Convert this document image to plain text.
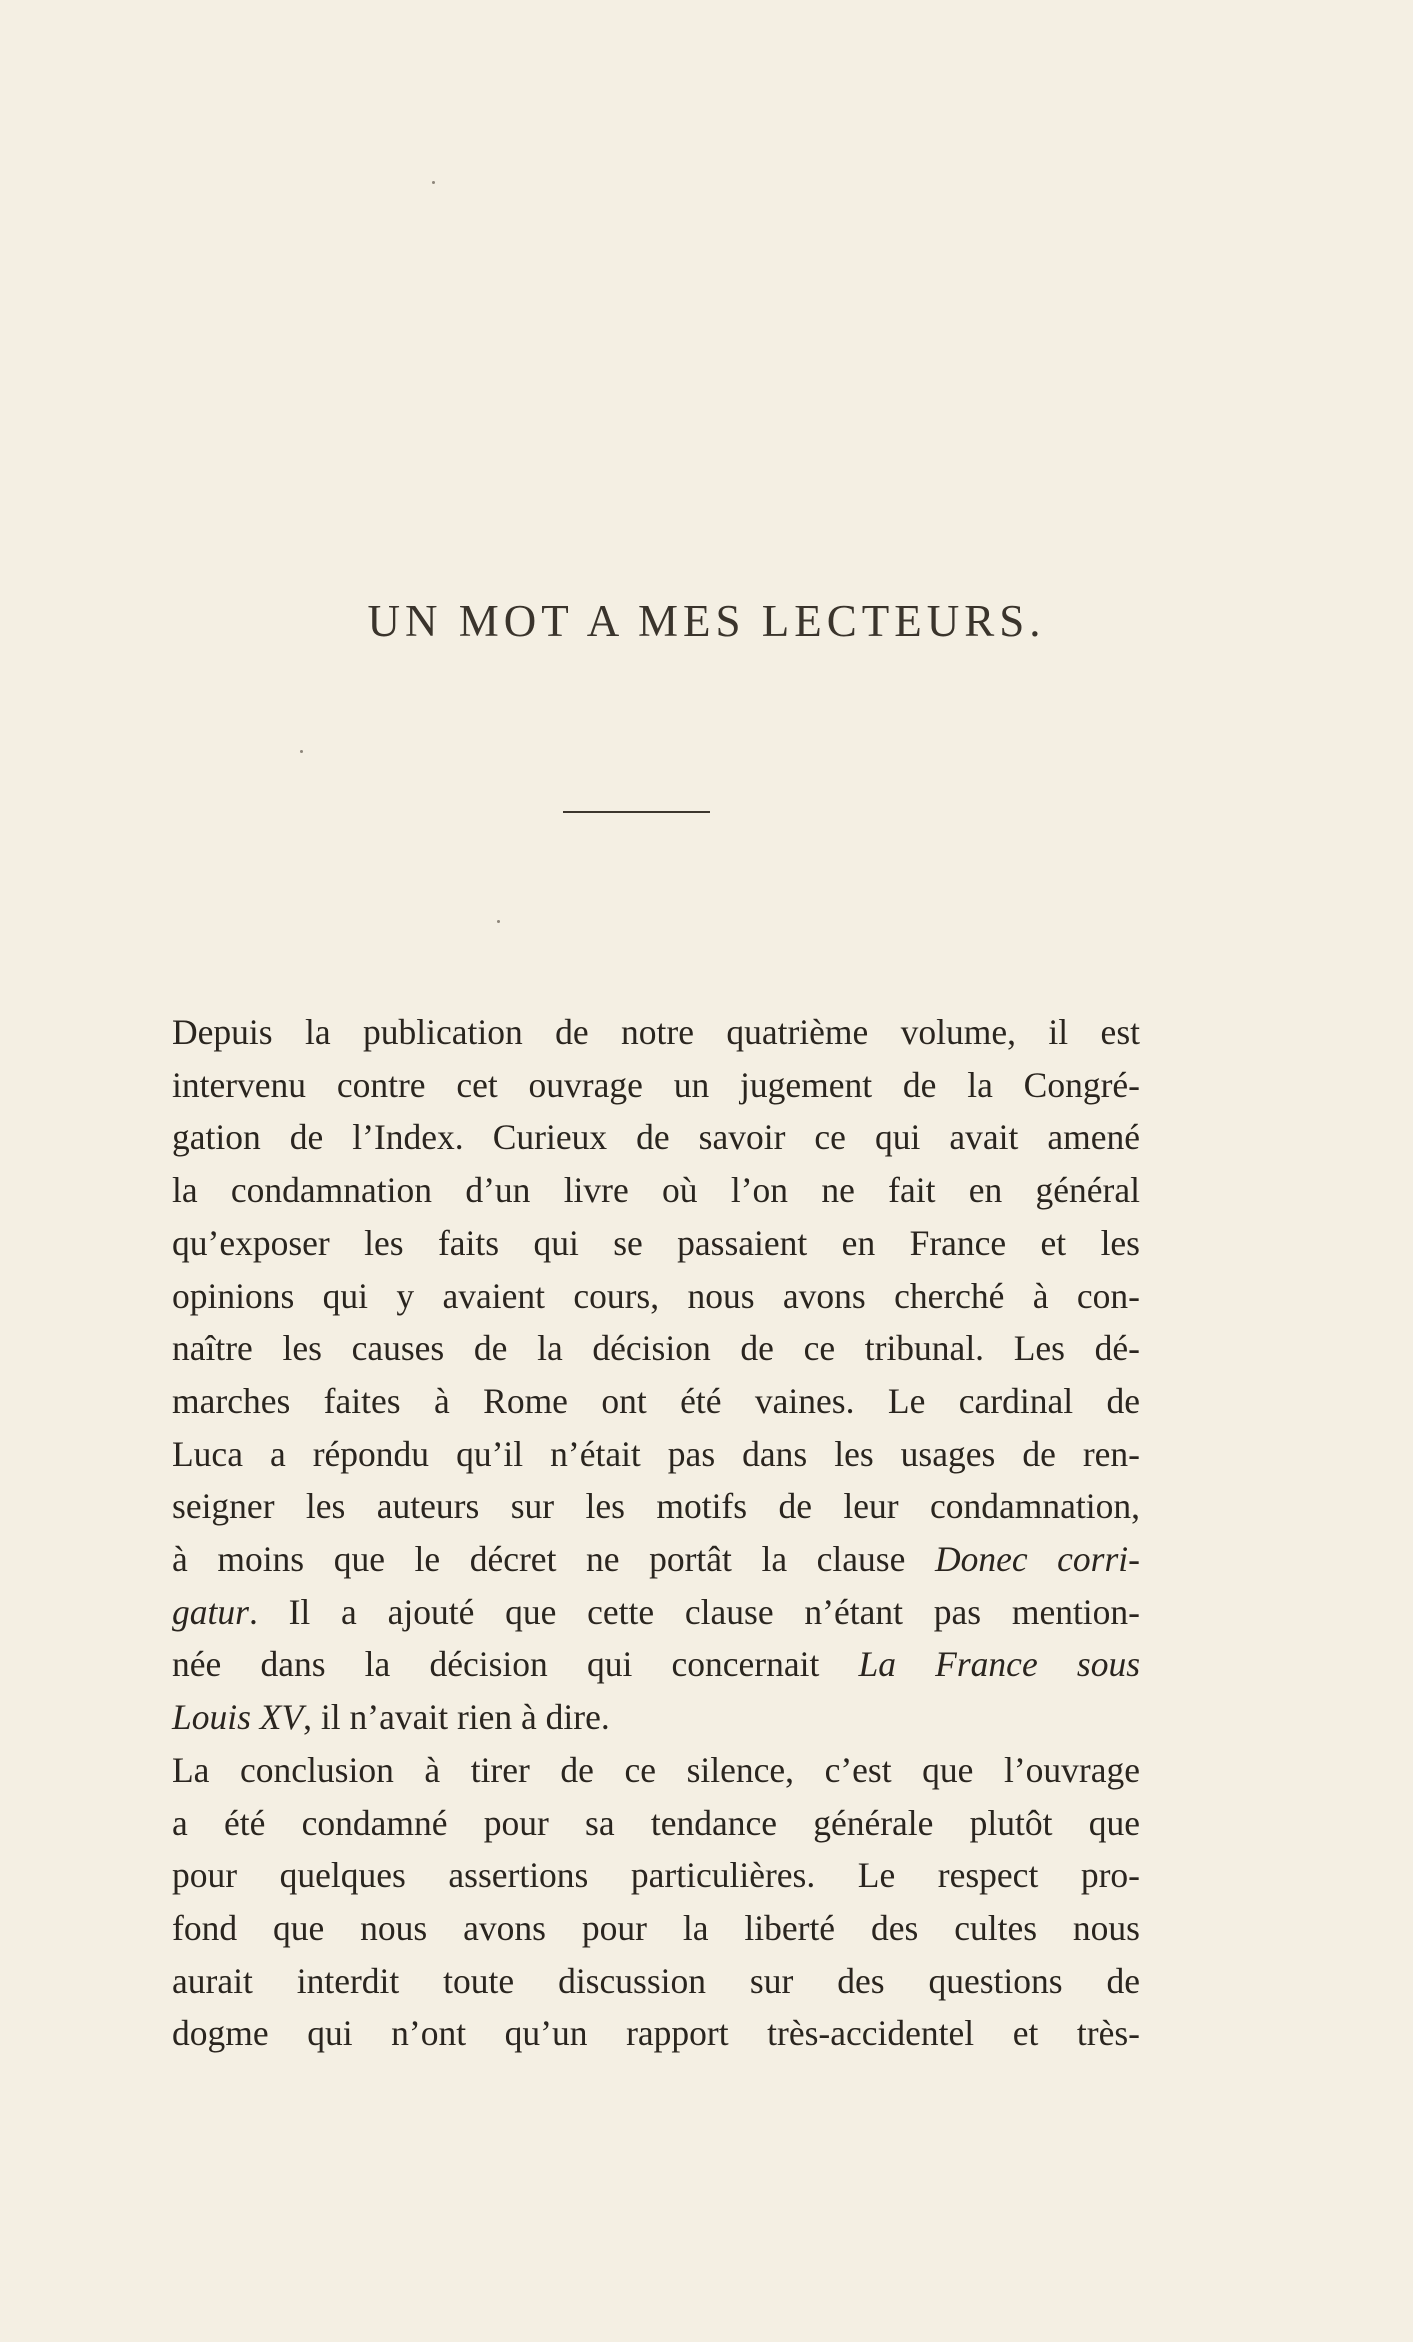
UN MOT A MES LECTEURS.

Depuis la publication de notre quatrième volume, il est
intervenu contre cet ouvrage un jugement de la Congré-
gation de l’Index. Curieux de savoir ce qui avait amené
la condamnation d’un livre où l’on ne fait en général
qu’exposer les faits qui se passaient en France et les
opinions qui y avaient cours, nous avons cherché à con-
naître les causes de la décision de ce tribunal. Les dé-
marches faites à Rome ont été vaines. Le cardinal de
Luca a répondu qu’il n’était pas dans les usages de ren-
seigner les auteurs sur les motifs de leur condamnation,
à moins que le décret ne portât la clause Donec corri-
gatur. Il a ajouté que cette clause n’étant pas mention-
née dans la décision qui concernait La France sous
Louis XV, il n’avait rien à dire.

La conclusion à tirer de ce silence, c’est que l’ouvrage
a été condamné pour sa tendance générale plutôt que
pour quelques assertions particulières. Le respect pro-
fond que nous avons pour la liberté des cultes nous
aurait interdit toute discussion sur des questions de
dogme qui n’ont qu’un rapport très-accidentel et très-
